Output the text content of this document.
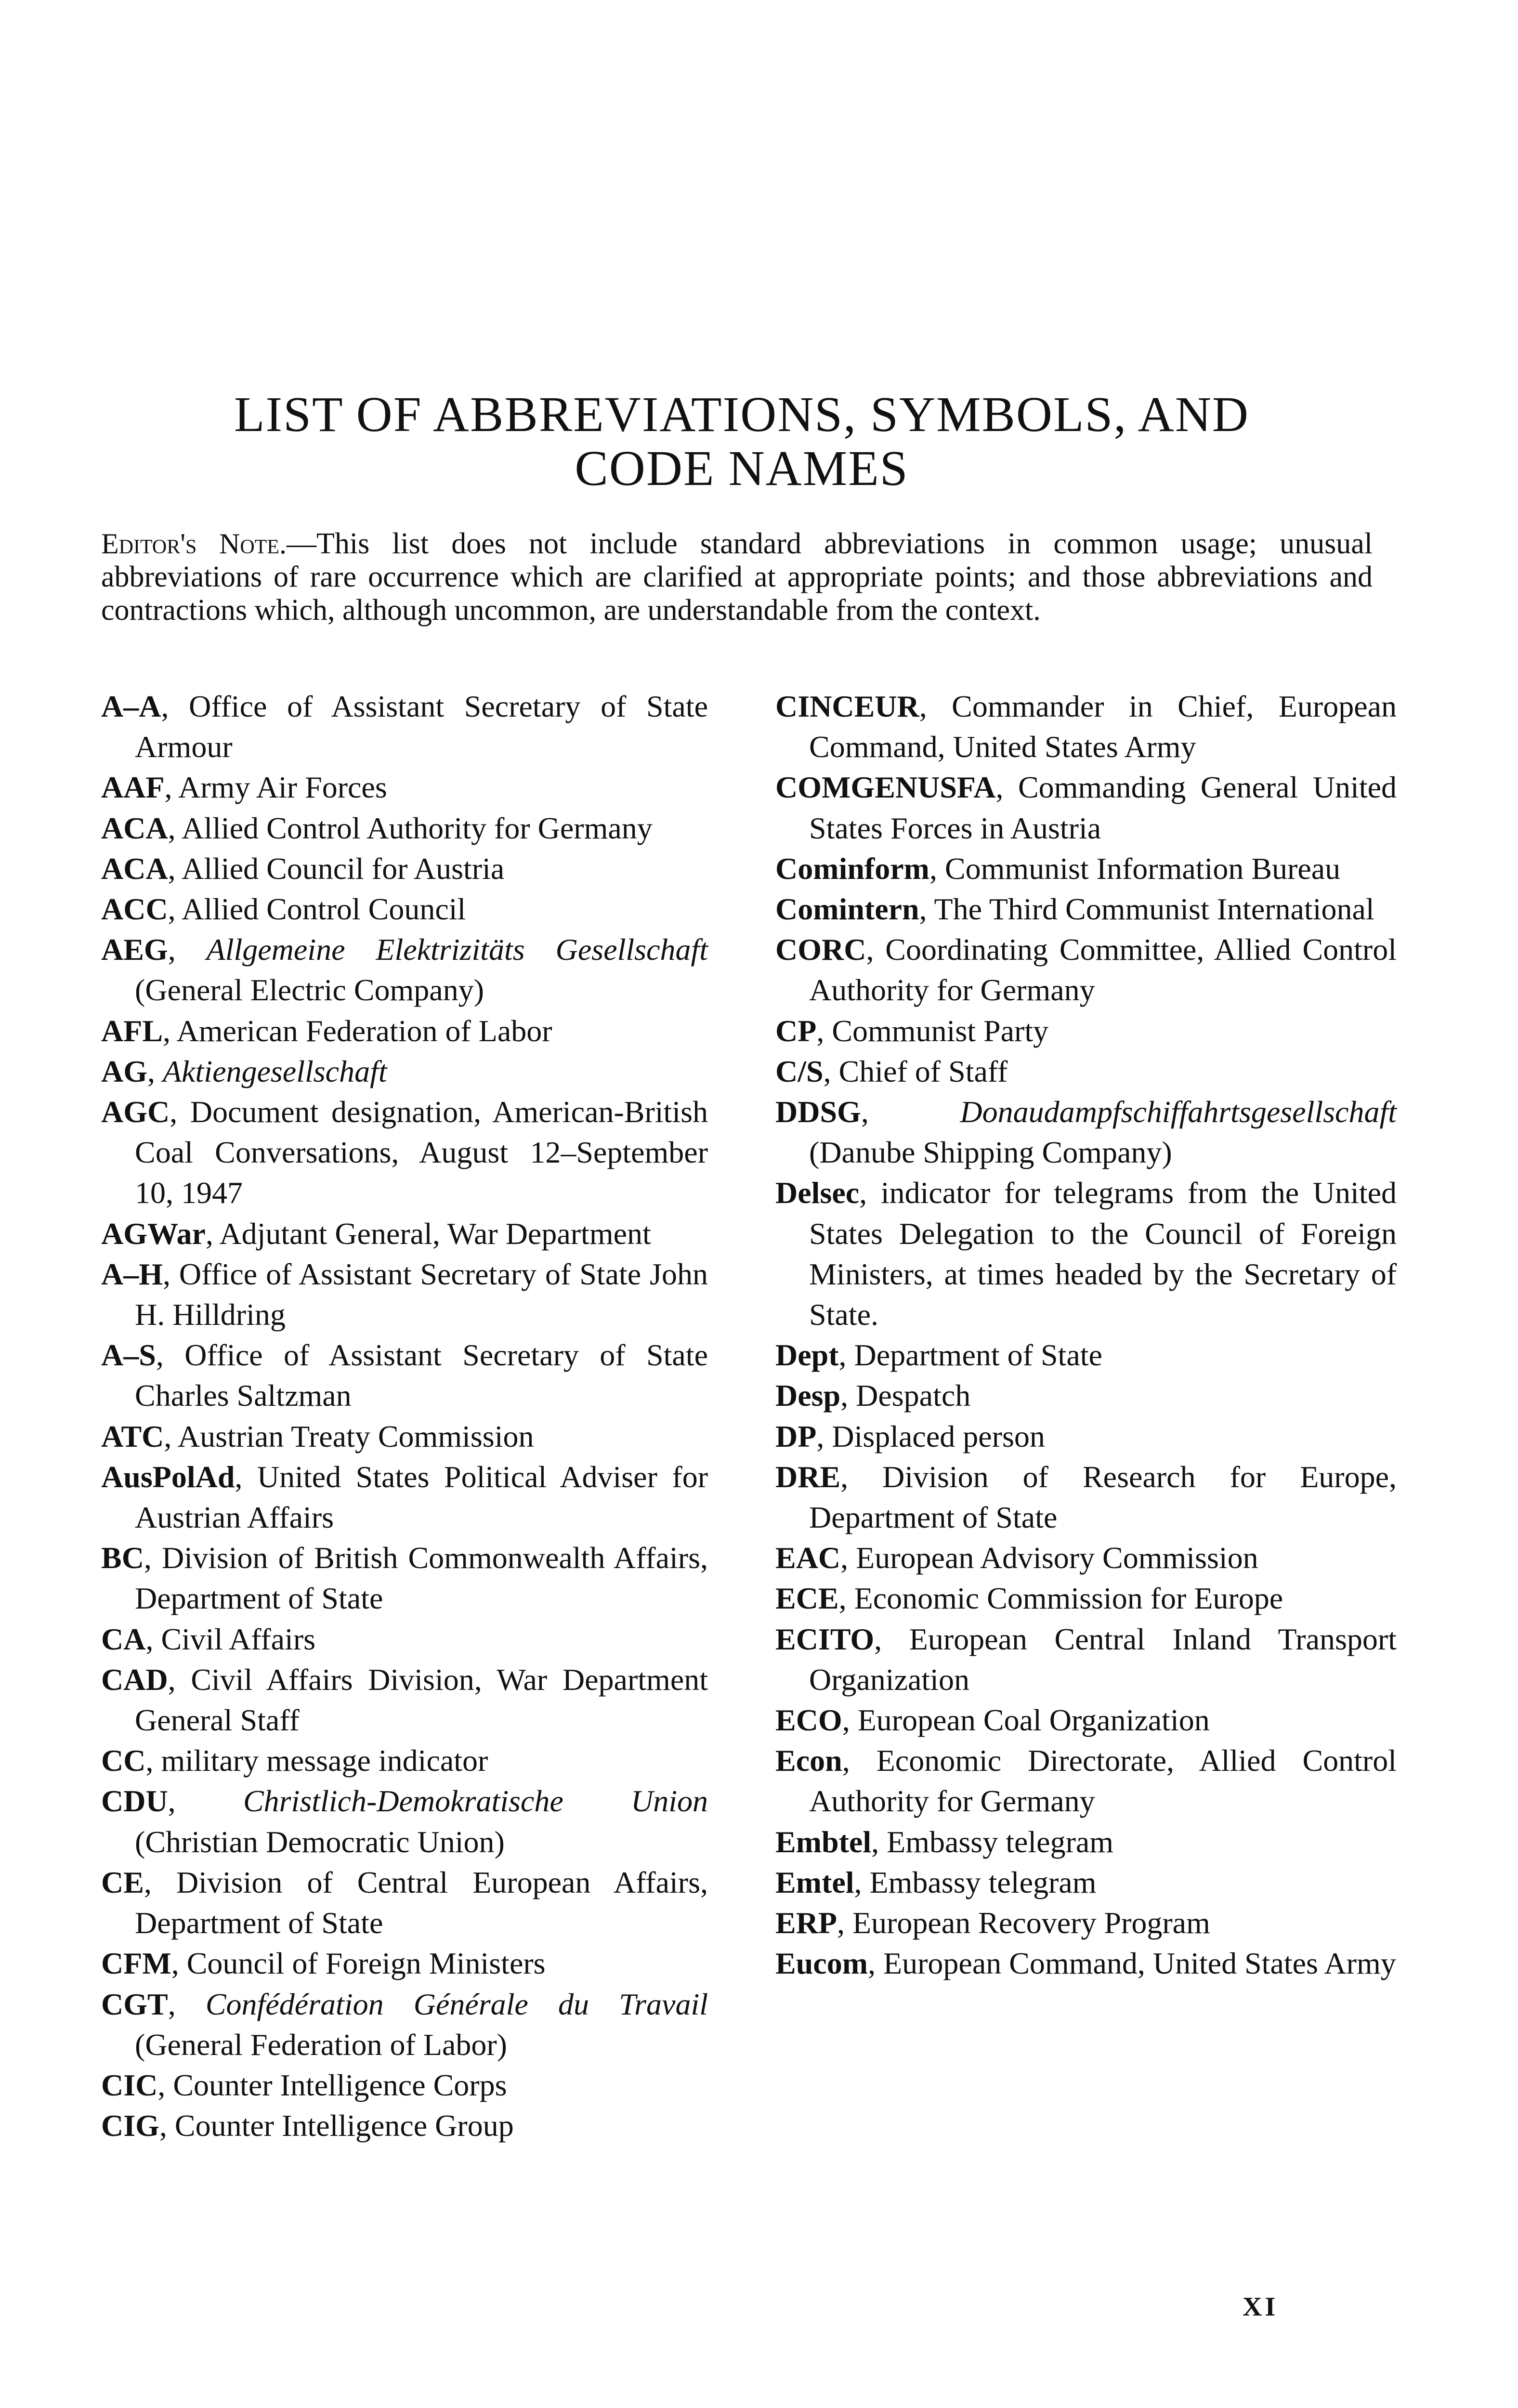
LIST OF ABBREVIATIONS, SYMBOLS, AND
CODE NAMES

Editor's Note.—This list does not include standard abbreviations in common usage; unusual abbreviations of rare occurrence which are clarified at appropriate points; and those abbreviations and contractions which, although uncommon, are understandable from the context.

A–A, Office of Assistant Secretary of State Armour
AAF, Army Air Forces
ACA, Allied Control Authority for Germany
ACA, Allied Council for Austria
ACC, Allied Control Council
AEG, Allgemeine Elektrizitäts Gesellschaft (General Electric Company)
AFL, American Federation of Labor
AG, Aktiengesellschaft
AGC, Document designation, American-British Coal Conversations, August 12–September 10, 1947
AGWar, Adjutant General, War Department
A–H, Office of Assistant Secretary of State John H. Hilldring
A–S, Office of Assistant Secretary of State Charles Saltzman
ATC, Austrian Treaty Commission
AusPolAd, United States Political Adviser for Austrian Affairs
BC, Division of British Commonwealth Affairs, Department of State
CA, Civil Affairs
CAD, Civil Affairs Division, War Department General Staff
CC, military message indicator
CDU, Christlich-Demokratische Union (Christian Democratic Union)
CE, Division of Central European Affairs, Department of State
CFM, Council of Foreign Ministers
CGT, Confédération Générale du Travail (General Federation of Labor)
CIC, Counter Intelligence Corps
CIG, Counter Intelligence Group
CINCEUR, Commander in Chief, European Command, United States Army
COMGENUSFA, Commanding General United States Forces in Austria
Cominform, Communist Information Bureau
Comintern, The Third Communist International
CORC, Coordinating Committee, Allied Control Authority for Germany
CP, Communist Party
C/S, Chief of Staff
DDSG, Donaudampfschiffahrtsgesellschaft (Danube Shipping Company)
Delsec, indicator for telegrams from the United States Delegation to the Council of Foreign Ministers, at times headed by the Secretary of State.
Dept, Department of State
Desp, Despatch
DP, Displaced person
DRE, Division of Research for Europe, Department of State
EAC, European Advisory Commission
ECE, Economic Commission for Europe
ECITO, European Central Inland Transport Organization
ECO, European Coal Organization
Econ, Economic Directorate, Allied Control Authority for Germany
Embtel, Embassy telegram
Emtel, Embassy telegram
ERP, European Recovery Program
Eucom, European Command, United States Army
XI
